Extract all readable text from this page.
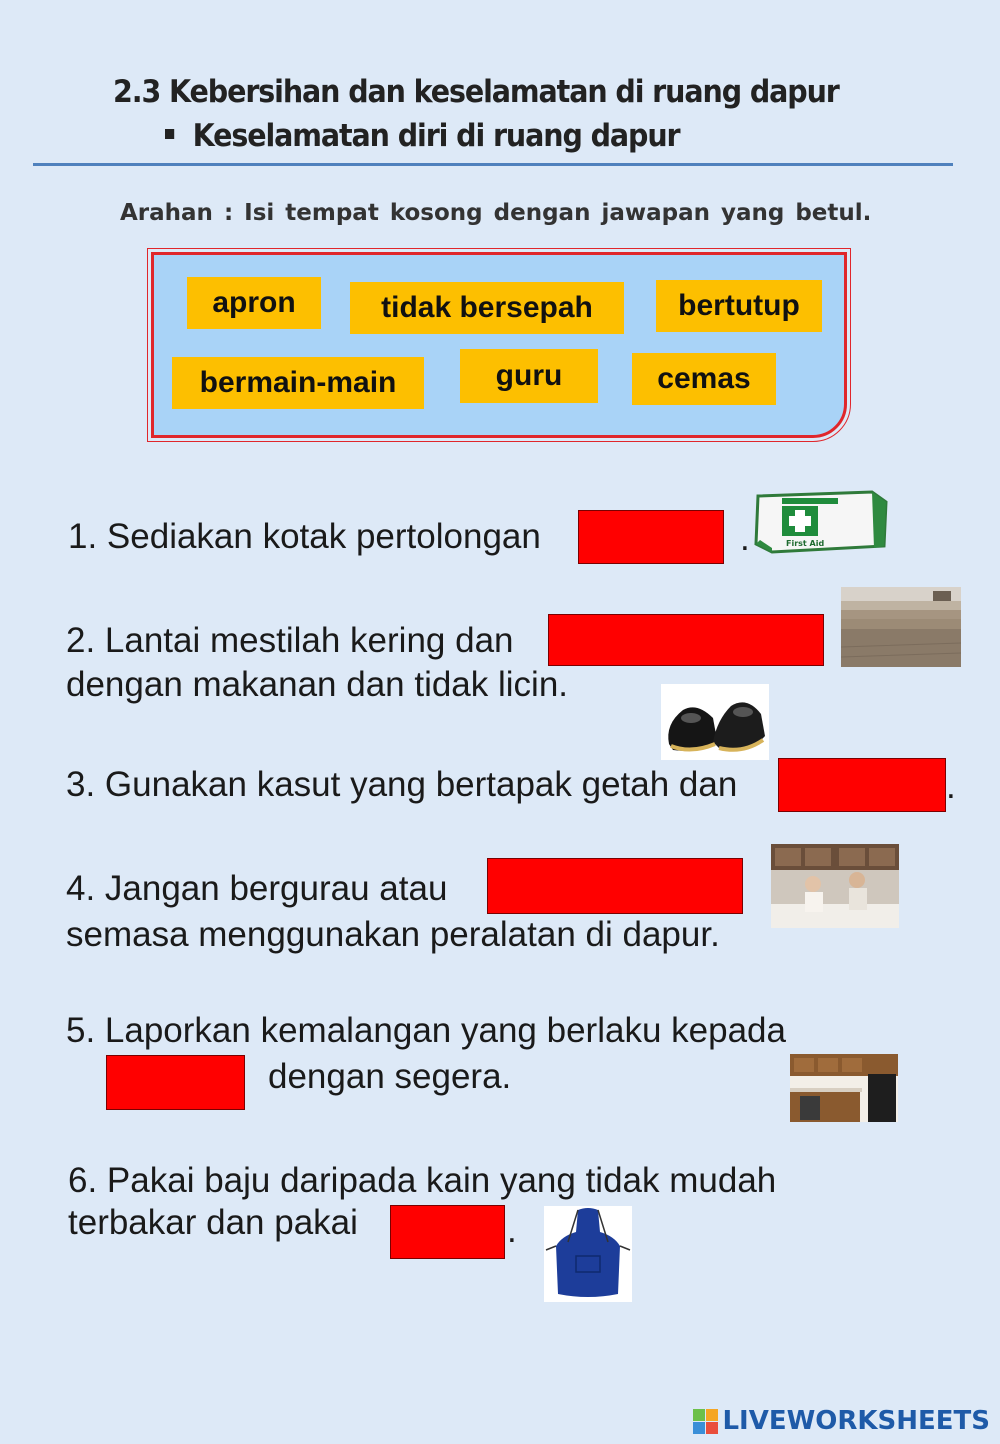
2.3 Kebersihan dan keselamatan di ruang dapur
Keselamatan diri di ruang dapur
Arahan : Isi tempat kosong dengan jawapan yang betul.
apron	tidak bersepah	bertutup
bermain-main	guru	cemas
1. Sediakan kotak pertolongan	.	First Aid
2. Lantai mestilah kering dan
dengan makanan dan tidak licin.
3. Gunakan kasut yang bertapak getah dan	.
4. Jangan bergurau atau
semasa menggunakan peralatan di dapur.
5. Laporkan kemalangan yang berlaku kepada
dengan segera.
6. Pakai baju daripada kain yang tidak mudah
terbakar dan pakai	.
LIVEWORKSHEETS
